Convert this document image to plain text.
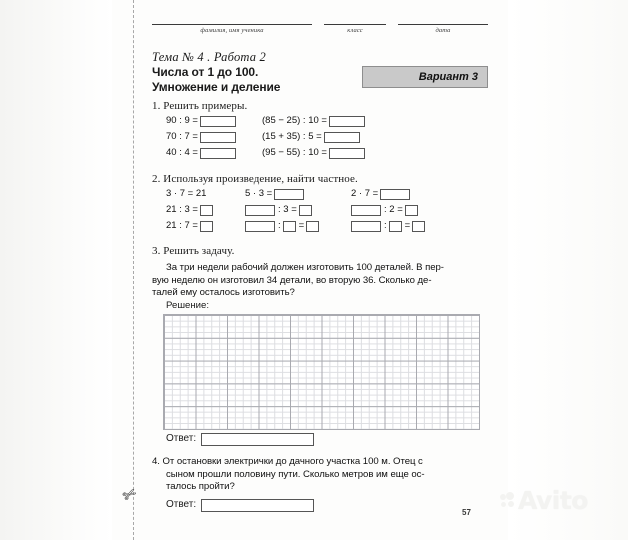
✄
фамилия, имя ученика	класс	дата
Тема № 4 . Работа 2
Числа от 1 до 100.
Умножение и деление
Вариант 3
1. Решить примеры.
90 : 9 =
70 : 7 =
40 : 4 =
(85 − 25) : 10 =
(15 + 35) : 5 =
(95 − 55) : 10 =
2. Используя произведение, найти частное.
3 · 7 = 21
21 : 3 =
21 : 7 =
5 · 3 =
: 3 =
: =
2 · 7 =
: 2 =
: =
3. Решить задачу.
За три недели рабочий должен изготовить 100 деталей. В пер-
вую неделю он изготовил 34 детали, во вторую 36. Сколько де-
талей ему осталось изготовить?
Решение:
Ответ:
4. От остановки электрички до дачного участка 100 м. Отец с
сыном прошли половину пути. Сколько метров им еще ос-
талось пройти?
Ответ:
57 Avito
